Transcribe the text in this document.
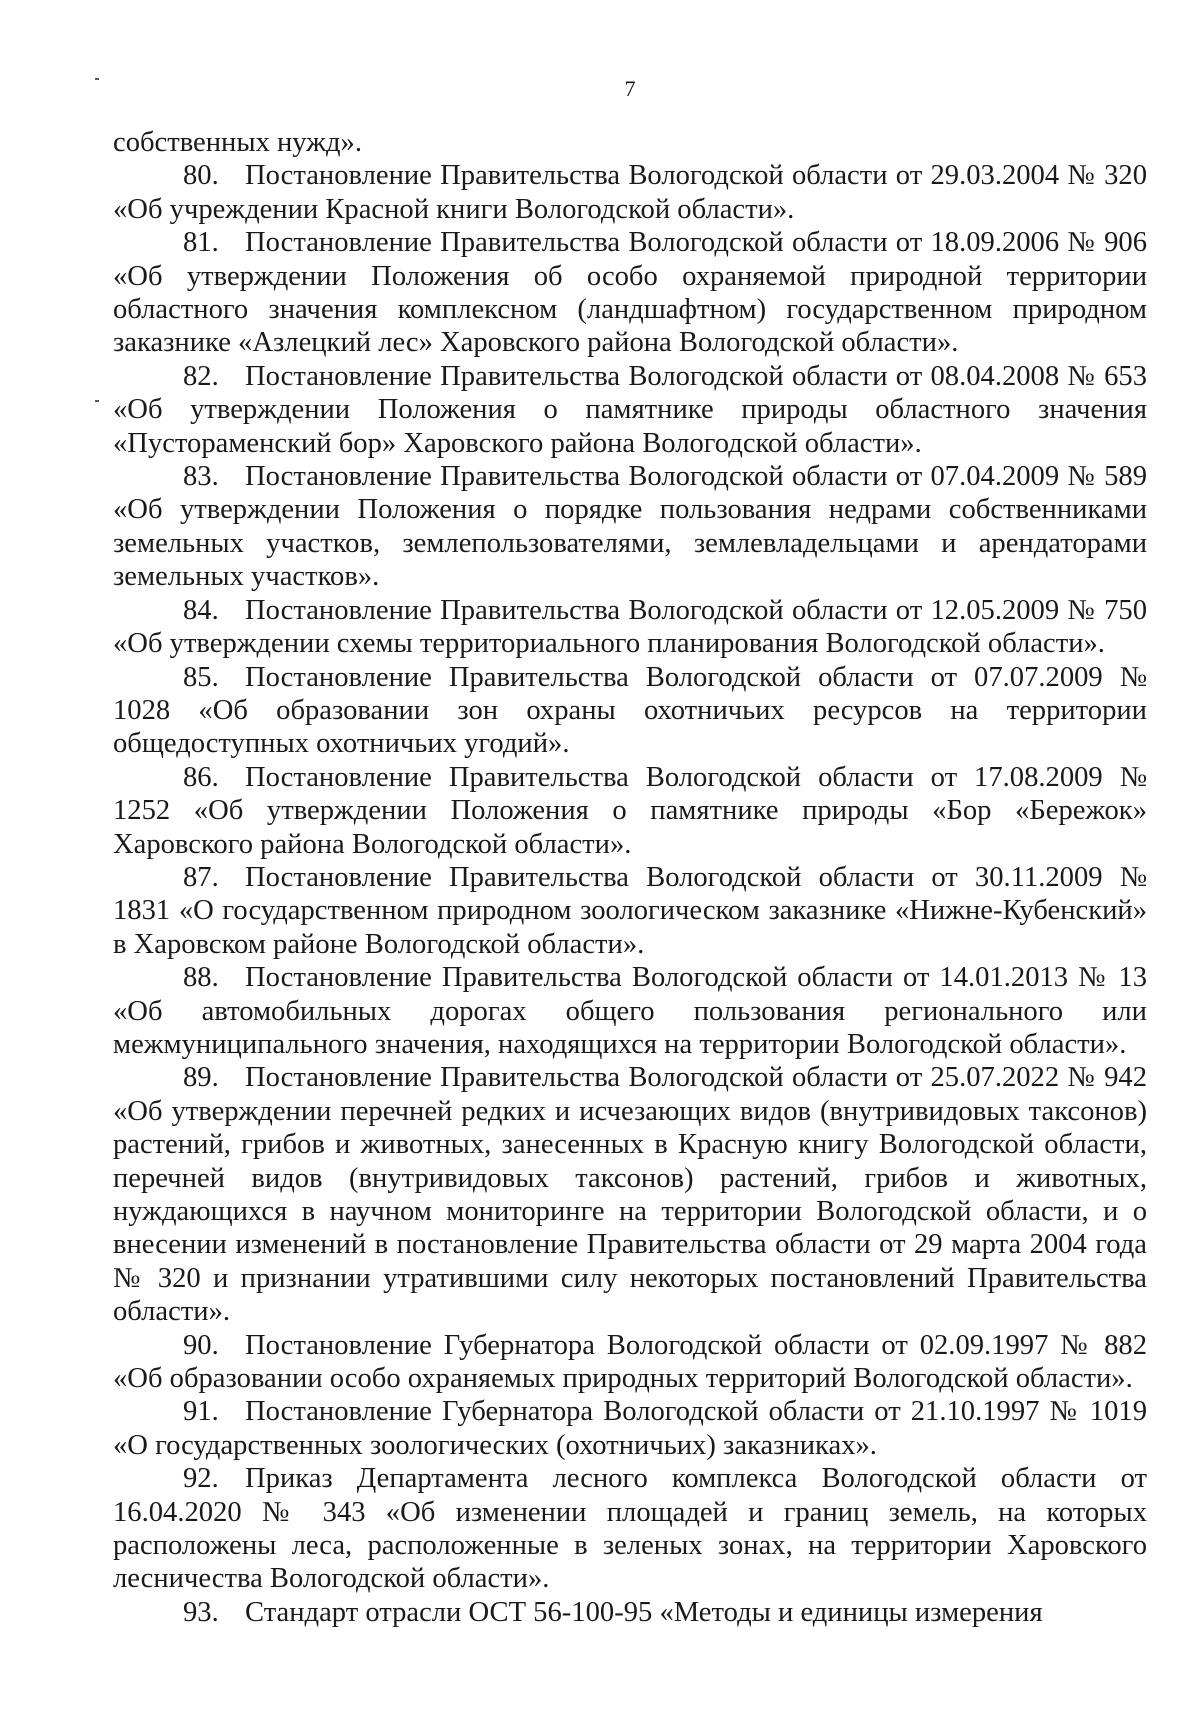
7

собственных нужд».

80. Постановление Правительства Вологодской области от 29.03.2004 № 320 «Об учреждении Красной книги Вологодской области».

81. Постановление Правительства Вологодской области от 18.09.2006 № 906 «Об утверждении Положения об особо охраняемой природной территории областного значения комплексном (ландшафтном) государственном природном заказнике «Азлецкий лес» Харовского района Вологодской области».

82. Постановление Правительства Вологодской области от 08.04.2008 № 653 «Об утверждении Положения о памятнике природы областного значения «Пустораменский бор» Харовского района Вологодской области».

83. Постановление Правительства Вологодской области от 07.04.2009 № 589 «Об утверждении Положения о порядке пользования недрами собственниками земельных участков, землепользователями, землевладельцами и арендаторами земельных участков».

84. Постановление Правительства Вологодской области от 12.05.2009 № 750 «Об утверждении схемы территориального планирования Вологодской области».

85. Постановление Правительства Вологодской области от 07.07.2009 № 1028 «Об образовании зон охраны охотничьих ресурсов на территории общедоступных охотничьих угодий».

86. Постановление Правительства Вологодской области от 17.08.2009 № 1252 «Об утверждении Положения о памятнике природы «Бор «Бережок» Харовского района Вологодской области».

87. Постановление Правительства Вологодской области от 30.11.2009 № 1831 «О государственном природном зоологическом заказнике «Нижне-Кубенский» в Харовском районе Вологодской области».

88. Постановление Правительства Вологодской области от 14.01.2013 № 13 «Об автомобильных дорогах общего пользования регионального или межмуниципального значения, находящихся на территории Вологодской области».

89. Постановление Правительства Вологодской области от 25.07.2022 № 942 «Об утверждении перечней редких и исчезающих видов (внутривидовых таксонов) растений, грибов и животных, занесенных в Красную книгу Вологодской области, перечней видов (внутривидовых таксонов) растений, грибов и животных, нуждающихся в научном мониторинге на территории Вологодской области, и о внесении изменений в постановление Правительства области от 29 марта 2004 года № 320 и признании утратившими силу некоторых постановлений Правительства области».

90. Постановление Губернатора Вологодской области от 02.09.1997 № 882 «Об образовании особо охраняемых природных территорий Вологодской области».

91. Постановление Губернатора Вологодской области от 21.10.1997 № 1019 «О государственных зоологических (охотничьих) заказниках».

92. Приказ Департамента лесного комплекса Вологодской области от 16.04.2020 № 343 «Об изменении площадей и границ земель, на которых расположены леса, расположенные в зеленых зонах, на территории Харовского лесничества Вологодской области».

93. Стандарт отрасли ОСТ 56-100-95 «Методы и единицы измерения
